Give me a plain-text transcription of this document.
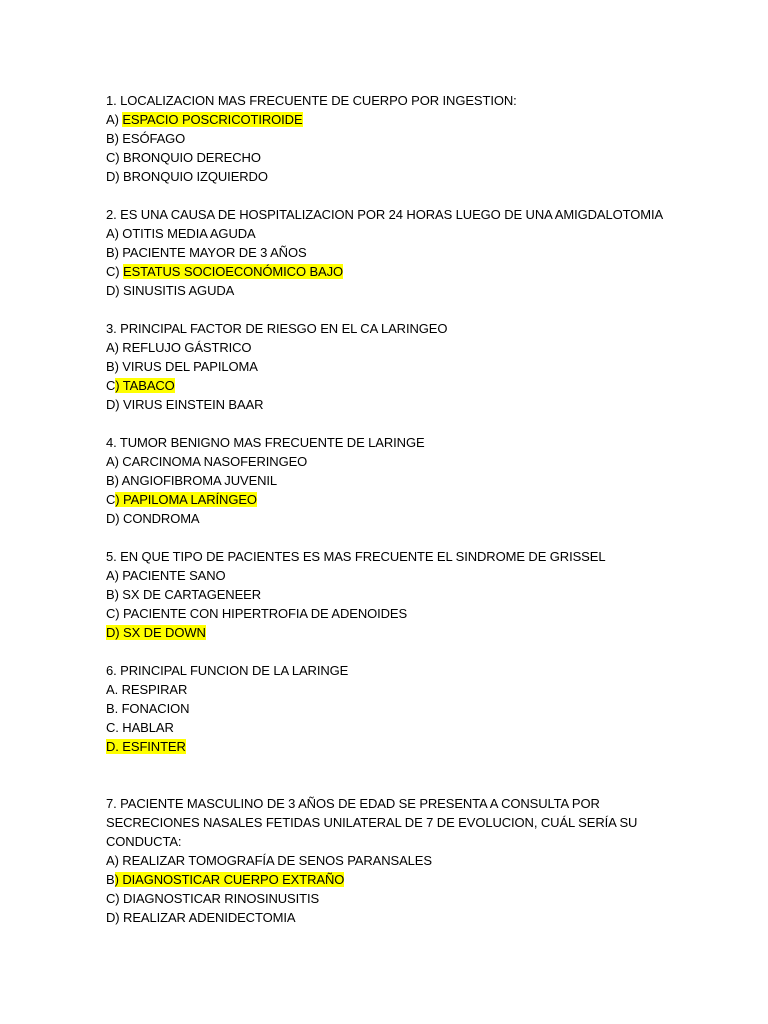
1. LOCALIZACION MAS FRECUENTE DE CUERPO POR INGESTION:
A) ESPACIO POSCRICOTIROIDE
B) ESÓFAGO
C) BRONQUIO DERECHO
D) BRONQUIO IZQUIERDO
2. ES UNA CAUSA DE HOSPITALIZACION POR 24 HORAS LUEGO DE UNA AMIGDALOTOMIA
A) OTITIS MEDIA AGUDA
B) PACIENTE MAYOR DE 3 AÑOS
C) ESTATUS SOCIOECONÓMICO BAJO
D) SINUSITIS AGUDA
3. PRINCIPAL FACTOR DE RIESGO EN EL CA LARINGEO
A) REFLUJO GÁSTRICO
B) VIRUS DEL PAPILOMA
C) TABACO
D) VIRUS EINSTEIN BAAR
4. TUMOR BENIGNO MAS FRECUENTE DE LARINGE
A) CARCINOMA NASOFERINGEO
B) ANGIOFIBROMA JUVENIL
C) PAPILOMA LARÍNGEO
D) CONDROMA
5. EN QUE TIPO DE PACIENTES ES MAS FRECUENTE EL SINDROME DE GRISSEL
A) PACIENTE SANO
B) SX DE CARTAGENEER
C) PACIENTE CON HIPERTROFIA DE ADENOIDES
D) SX DE DOWN
6. PRINCIPAL FUNCION DE LA LARINGE
A. RESPIRAR
B. FONACION
C. HABLAR
D. ESFINTER
7. PACIENTE MASCULINO DE 3 AÑOS DE EDAD SE PRESENTA A CONSULTA POR
SECRECIONES NASALES FETIDAS UNILATERAL DE 7 DE EVOLUCION, CUÁL SERÍA SU
CONDUCTA:
A) REALIZAR TOMOGRAFÍA DE SENOS PARANSALES
B) DIAGNOSTICAR CUERPO EXTRAÑO
C) DIAGNOSTICAR RINOSINUSITIS
D) REALIZAR ADENIDECTOMIA
